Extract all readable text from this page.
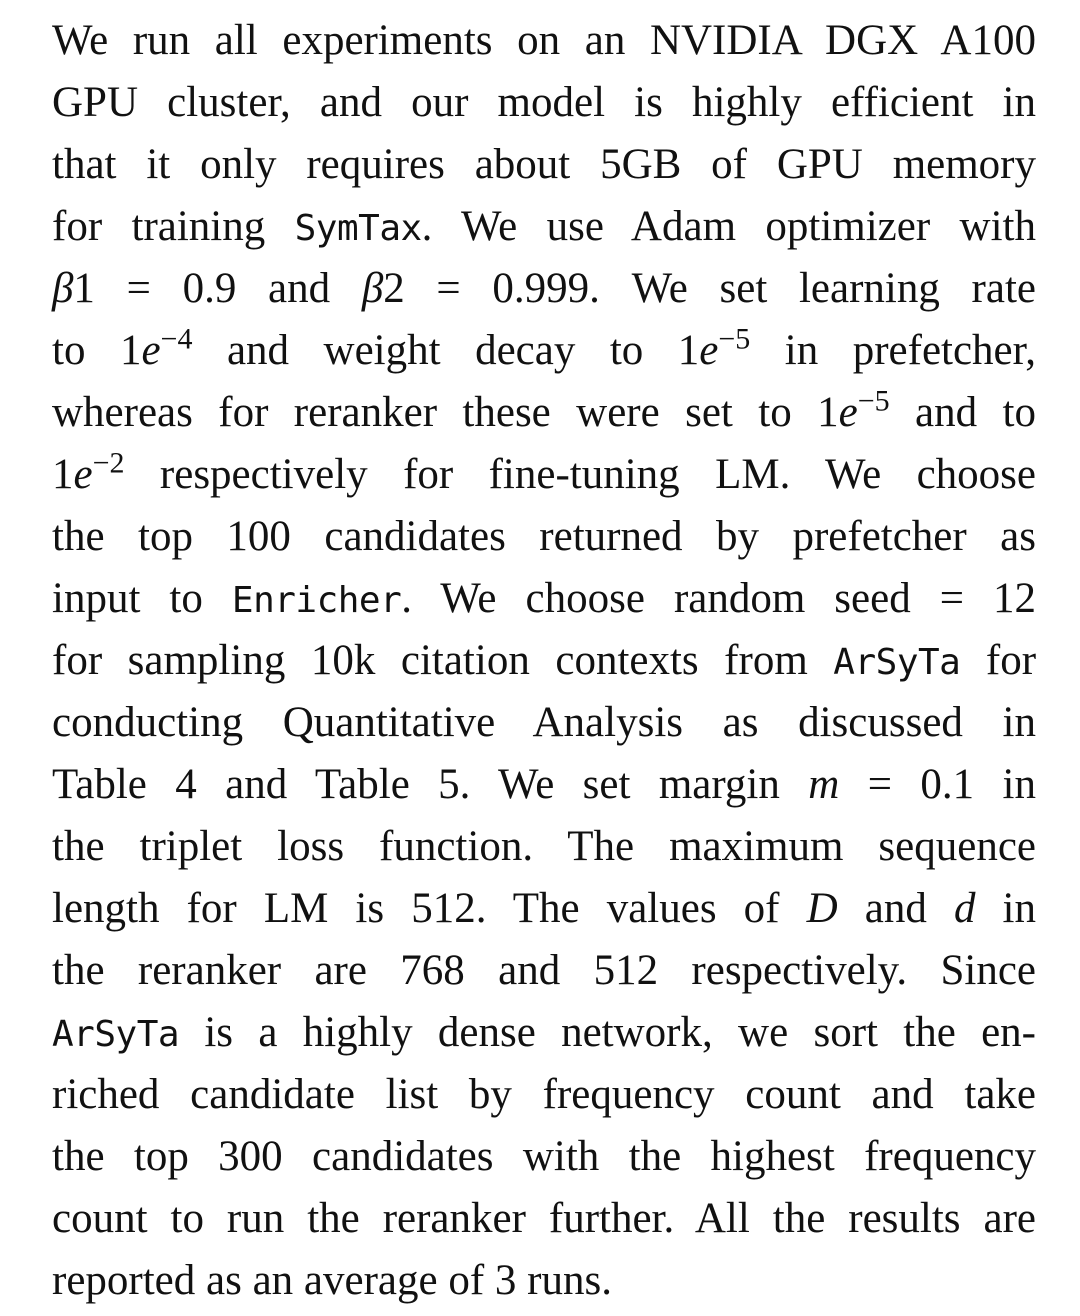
We run all experiments on an NVIDIA DGX A100
GPU cluster, and our model is highly efficient in
that it only requires about 5GB of GPU memory
for training SymTax. We use Adam optimizer with
β1 = 0.9 and β2 = 0.999. We set learning rate
to $1e^{-4}$ and weight decay to $1e^{-5}$ in prefetcher,
whereas for reranker these were set to $1e^{-5}$ and to
$1e^{-2}$ respectively for fine-tuning LM. We choose
the top 100 candidates returned by prefetcher as
input to Enricher. We choose random seed = 12
for sampling 10k citation contexts from ArSyTa for
conducting Quantitative Analysis as discussed in
Table 4 and Table 5. We set margin m = 0.1 in
the triplet loss function. The maximum sequence
length for LM is 512. The values of D and d in
the reranker are 768 and 512 respectively. Since
ArSyTa is a highly dense network, we sort the en-
riched candidate list by frequency count and take
the top 300 candidates with the highest frequency
count to run the reranker further. All the results are
reported as an average of 3 runs.
